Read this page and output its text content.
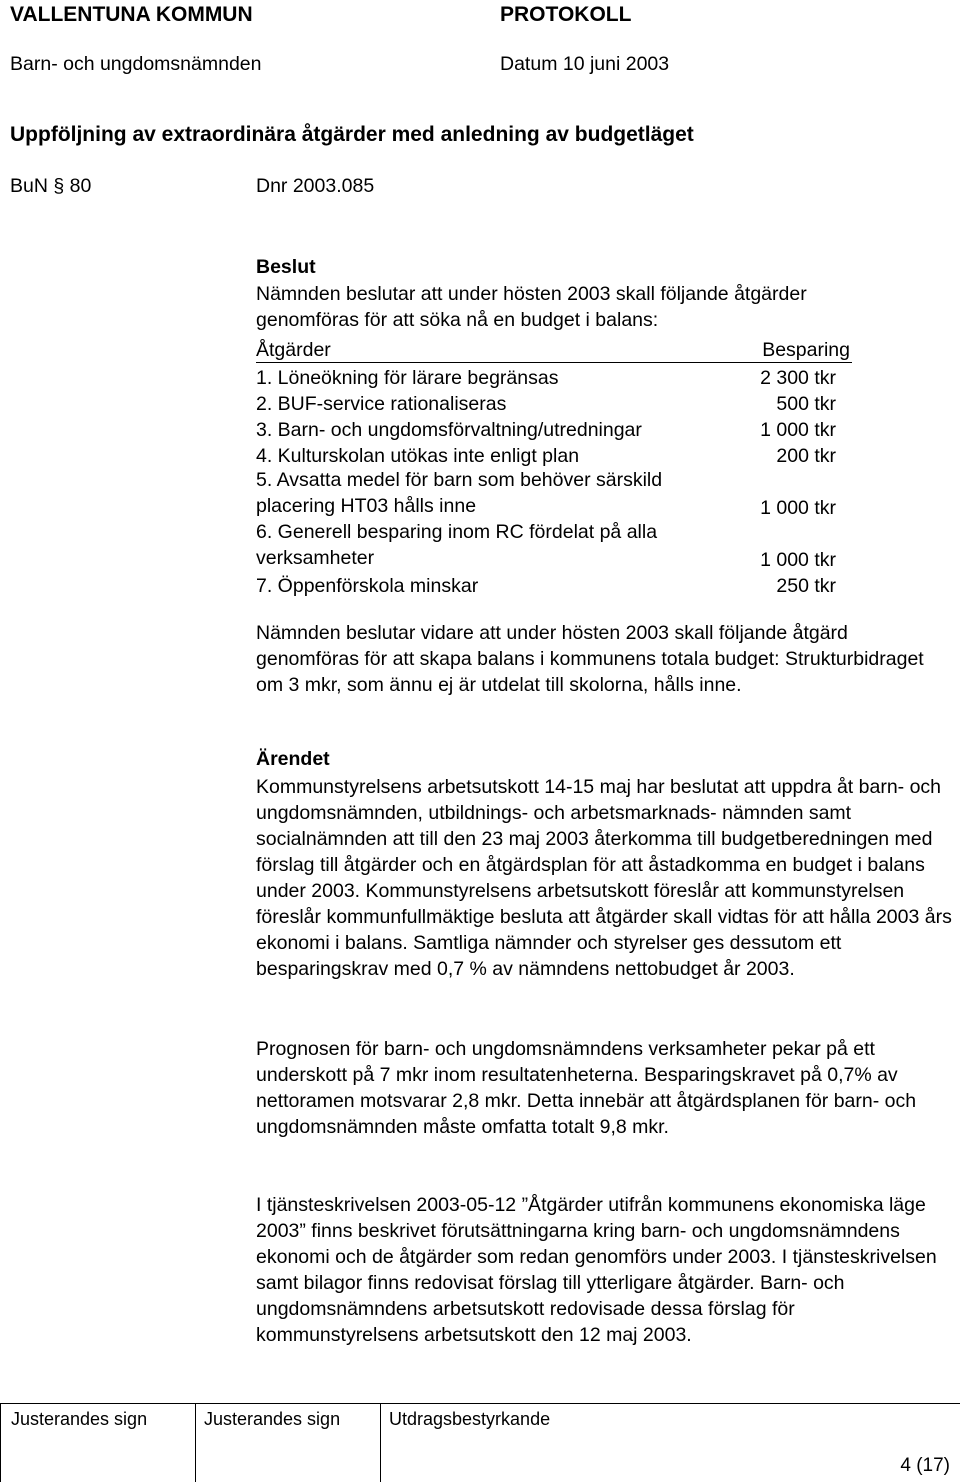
VALLENTUNA KOMMUN	PROTOKOLL
Barn- och ungdomsnämnden	Datum 10 juni 2003
Uppföljning av extraordinära åtgärder med anledning av budgetläget
BuN § 80	Dnr 2003.085
Beslut
Nämnden beslutar att under hösten 2003 skall följande åtgärder genomföras för att söka nå en budget i balans:
Åtgärder	Besparing
1. Löneökning för lärare begränsas	2 300 tkr
2. BUF-service rationaliseras	500 tkr
3. Barn- och ungdomsförvaltning/utredningar	1 000 tkr
4. Kulturskolan utökas inte enligt plan	200 tkr
5. Avsatta medel för barn som behöver särskild placering HT03 hålls inne	1 000 tkr
6. Generell besparing inom RC fördelat på alla verksamheter	1 000 tkr
7. Öppenförskola minskar	250 tkr
Nämnden beslutar vidare att under hösten 2003 skall följande åtgärd genomföras för att skapa balans i kommunens totala budget: Strukturbidraget om 3 mkr, som ännu ej är utdelat till skolorna, hålls inne.
Ärendet
Kommunstyrelsens arbetsutskott 14-15 maj har beslutat att uppdra åt barn- och ungdomsnämnden, utbildnings- och arbetsmarknads- nämnden samt socialnämnden att till den 23 maj 2003 återkomma till budgetberedningen med förslag till åtgärder och en åtgärdsplan för att åstadkomma en budget i balans under 2003. Kommunstyrelsens arbetsutskott föreslår att kommunstyrelsen föreslår kommunfullmäktige besluta att åtgärder skall vidtas för att hålla 2003 års ekonomi i balans. Samtliga nämnder och styrelser ges dessutom ett besparingskrav med 0,7 % av nämndens nettobudget år 2003.
Prognosen för barn- och ungdomsnämndens verksamheter pekar på ett underskott på 7 mkr inom resultatenheterna. Besparingskravet på 0,7% av nettoramen motsvarar 2,8 mkr. Detta innebär att åtgärdsplanen för barn- och ungdomsnämnden måste omfatta totalt 9,8 mkr.
I tjänsteskrivelsen 2003-05-12 ”Åtgärder utifrån kommunens ekonomiska läge 2003” finns beskrivet förutsättningarna kring barn- och ungdomsnämndens ekonomi och de åtgärder som redan genomförs under 2003. I tjänsteskrivelsen samt bilagor finns redovisat förslag till ytterligare åtgärder. Barn- och ungdomsnämndens arbetsutskott redovisade dessa förslag för kommunstyrelsens arbetsutskott den 12 maj 2003.
Justerandes sign	Justerandes sign	Utdragsbestyrkande
4 (17)
